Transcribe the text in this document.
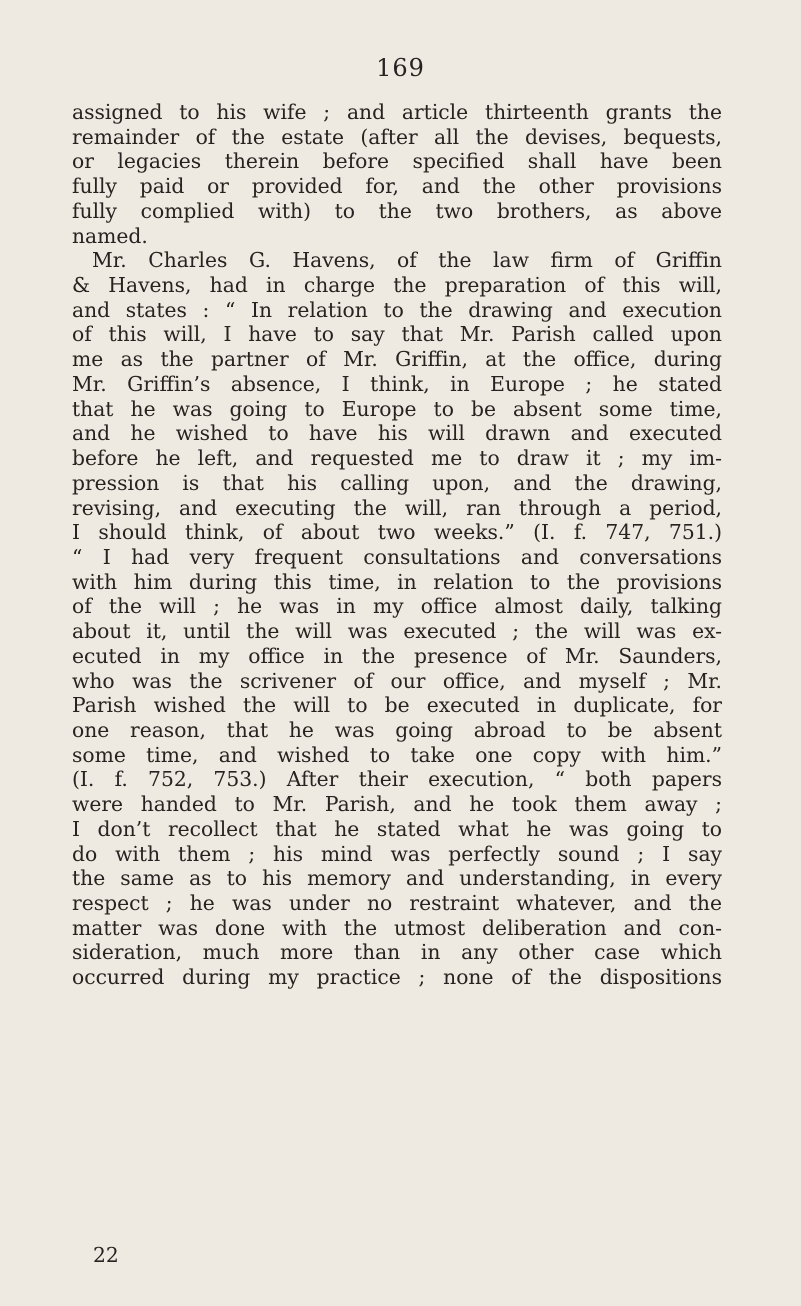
169
assigned to his wife ; and article thirteenth grants the
remainder of the estate (after all the devises, bequests,
or legacies therein before specified shall have been
fully paid or provided for, and the other provisions
fully complied with) to the two brothers, as above
named.
Mr. Charles G. Havens, of the law firm of Griffin
& Havens, had in charge the preparation of this will,
and states : “ In relation to the drawing and execution
of this will, I have to say that Mr. Parish called upon
me as the partner of Mr. Griffin, at the office, during
Mr. Griffin’s absence, I think, in Europe ; he stated
that he was going to Europe to be absent some time,
and he wished to have his will drawn and executed
before he left, and requested me to draw it ; my im-
pression is that his calling upon, and the drawing,
revising, and executing the will, ran through a period,
I should think, of about two weeks.” (I. f. 747, 751.)
“ I had very frequent consultations and conversations
with him during this time, in relation to the provisions
of the will ; he was in my office almost daily, talking
about it, until the will was executed ; the will was ex-
ecuted in my office in the presence of Mr. Saunders,
who was the scrivener of our office, and myself ; Mr.
Parish wished the will to be executed in duplicate, for
one reason, that he was going abroad to be absent
some time, and wished to take one copy with him.”
(I. f. 752, 753.) After their execution, “ both papers
were handed to Mr. Parish, and he took them away ;
I don’t recollect that he stated what he was going to
do with them ; his mind was perfectly sound ; I say
the same as to his memory and understanding, in every
respect ; he was under no restraint whatever, and the
matter was done with the utmost deliberation and con-
sideration, much more than in any other case which
occurred during my practice ; none of the dispositions
22
